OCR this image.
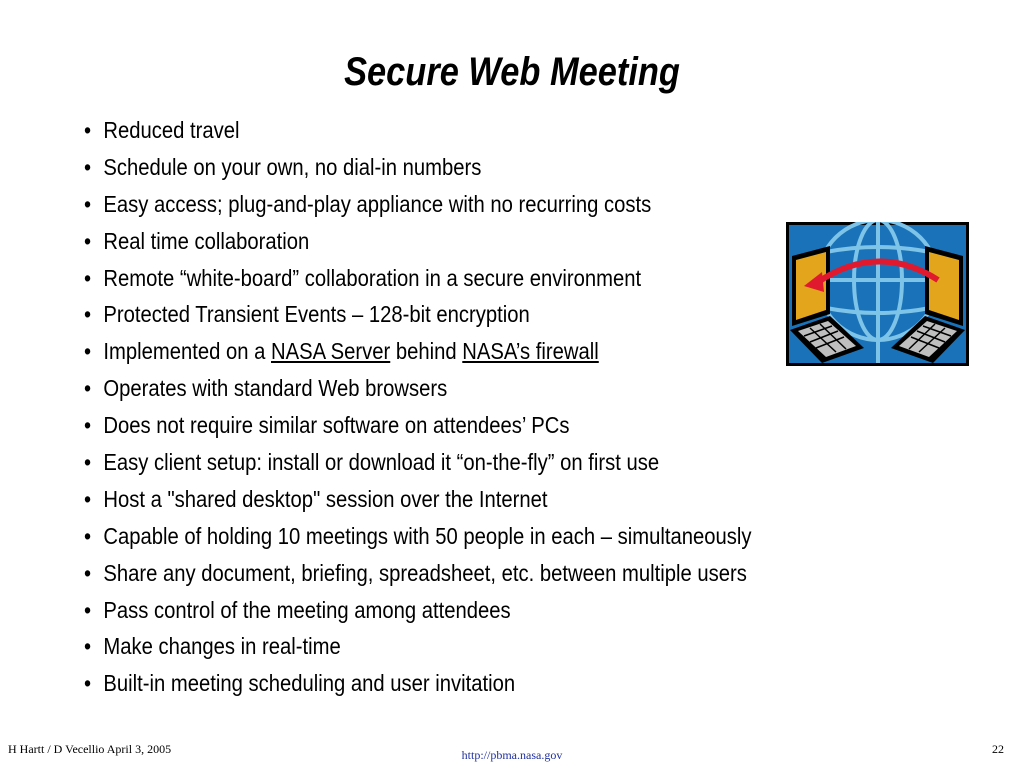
Secure Web Meeting
• Reduced travel
• Schedule on your own, no dial-in numbers
• Easy access; plug-and-play appliance with no recurring costs
• Real time collaboration
• Remote “white-board” collaboration in a secure environment
• Protected Transient Events – 128-bit encryption
• Implemented on a NASA Server behind NASA’s firewall
• Operates with standard Web browsers
• Does not require similar software on attendees’ PCs
• Easy client setup: install or download it “on-the-fly” on first use
• Host a "shared desktop" session over the Internet
• Capable of holding 10 meetings with 50 people in each – simultaneously
• Share any document, briefing, spreadsheet, etc. between multiple users
• Pass control of the meeting among attendees
• Make changes in real-time
• Built-in meeting scheduling and user invitation
H Hartt / D Vecellio April 3, 2005	http://pbma.nasa.gov	22
